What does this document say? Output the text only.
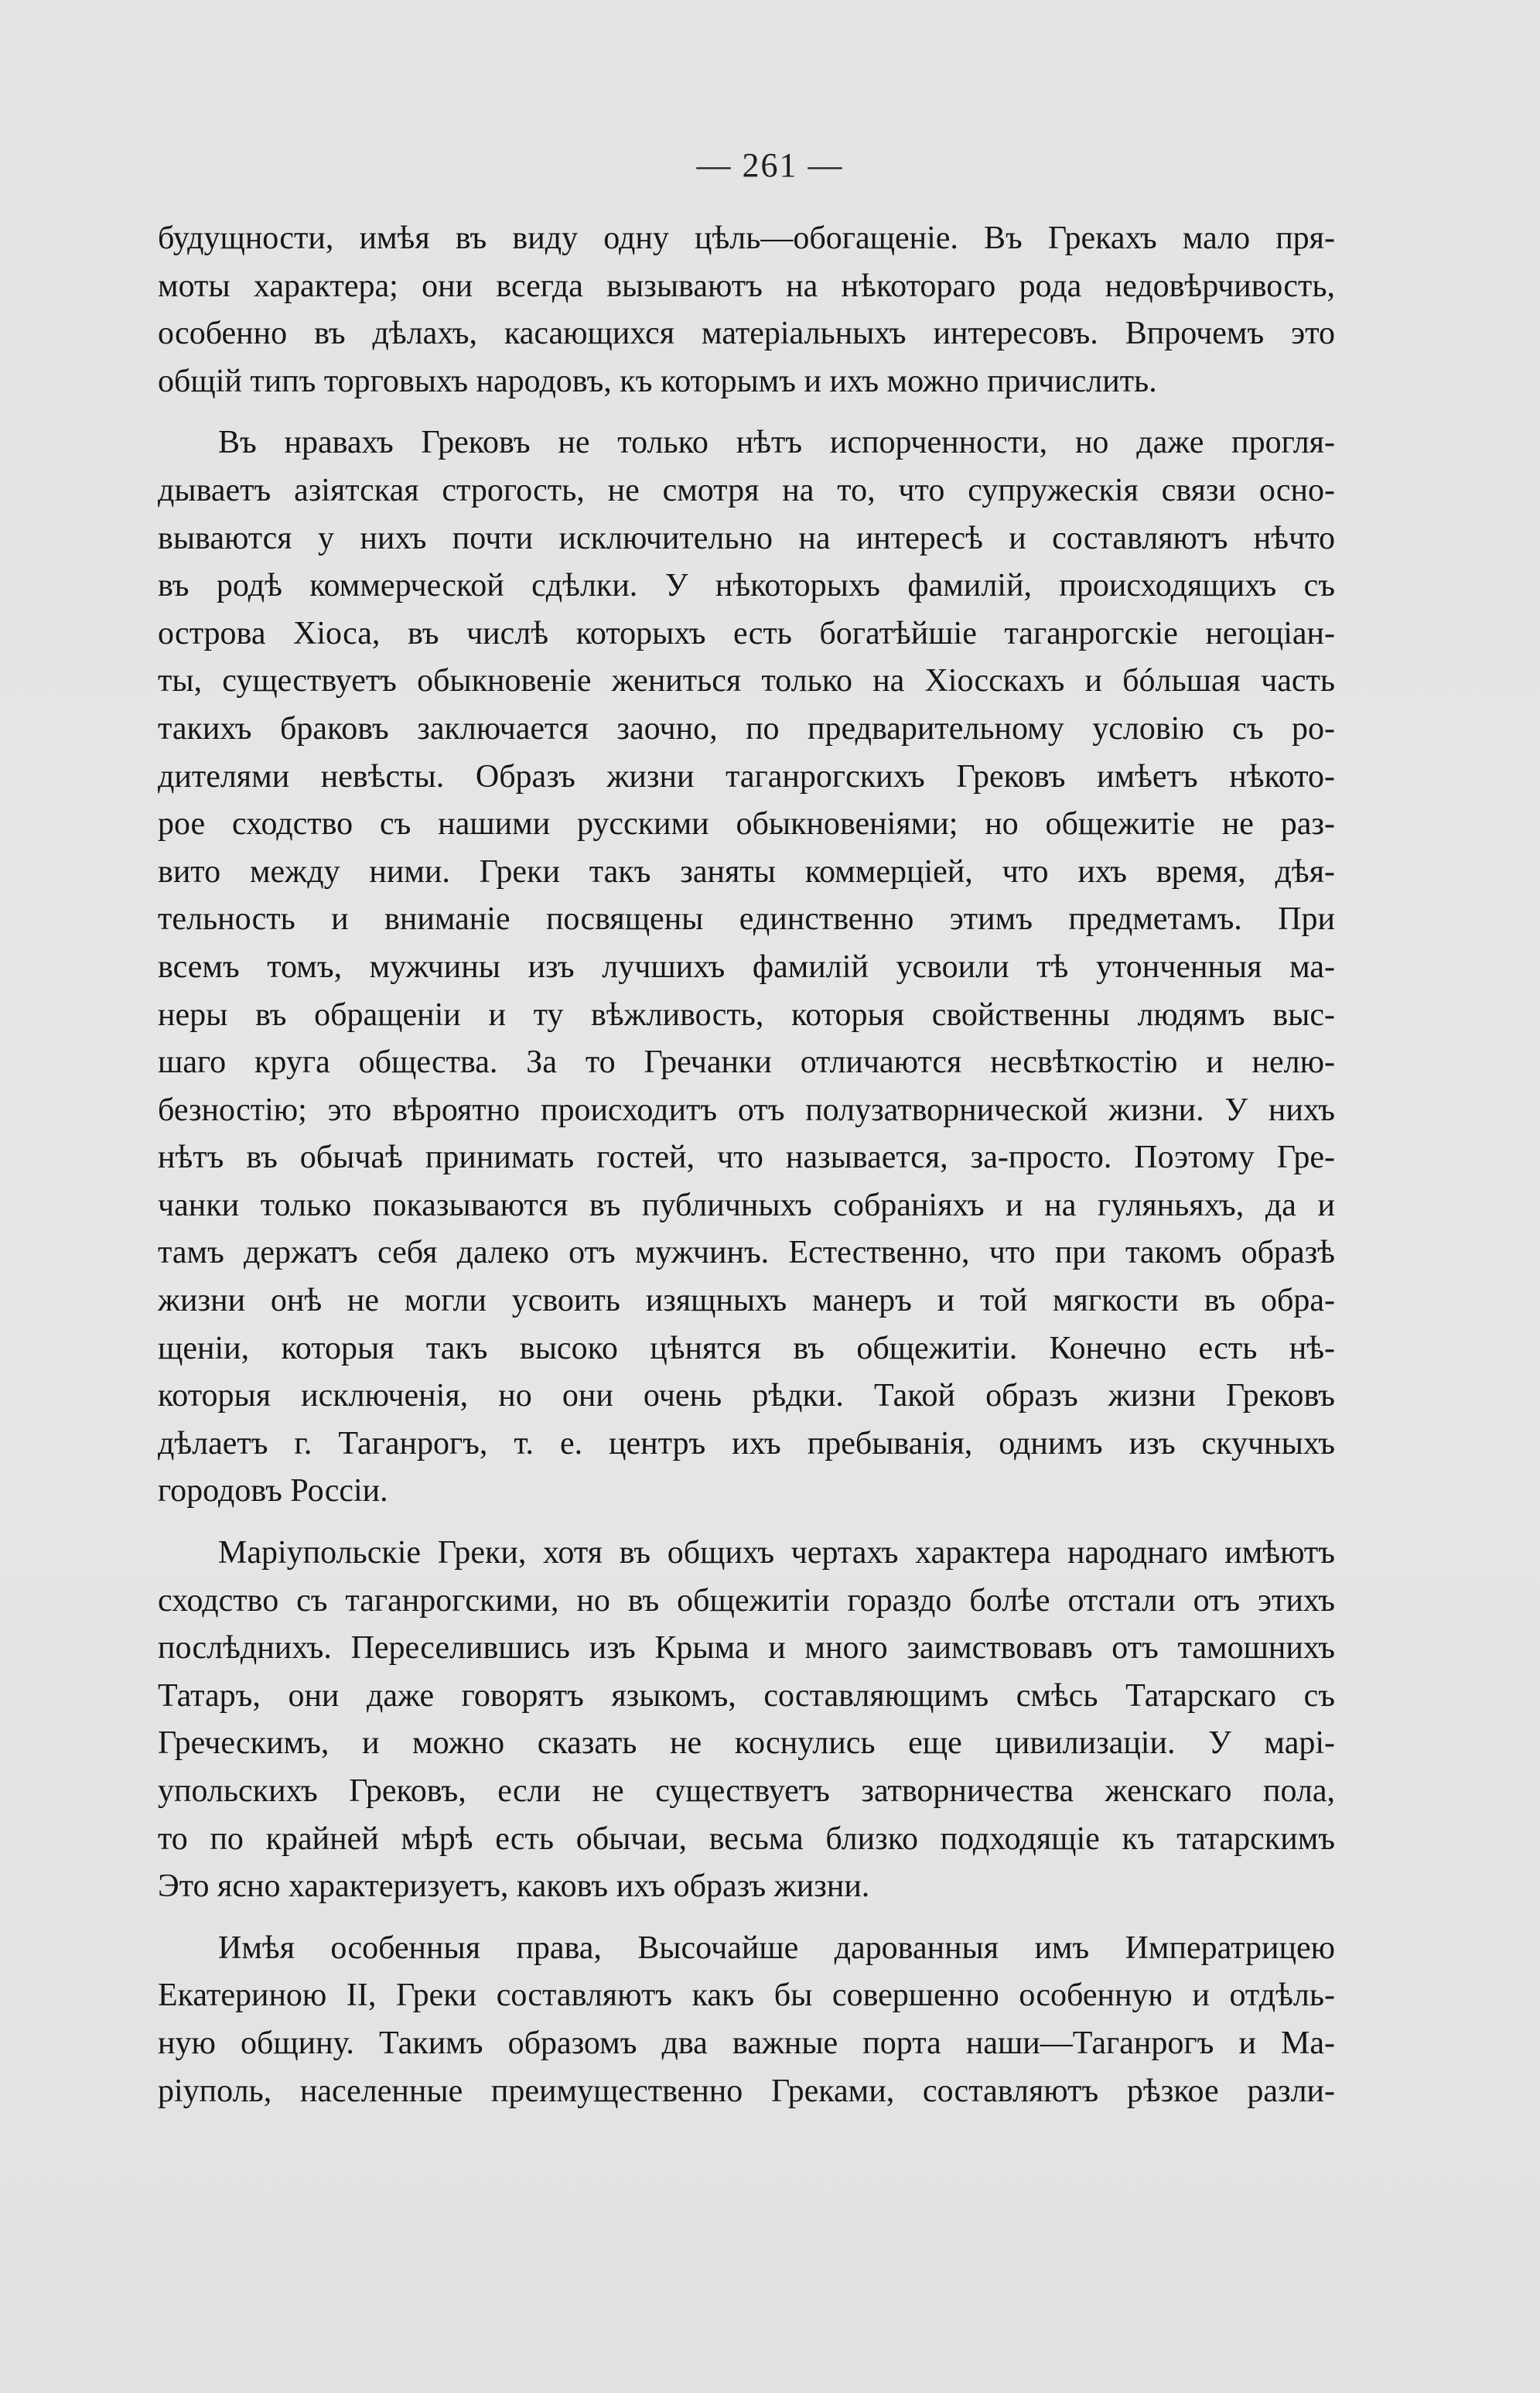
— 261 —
будущности, имѣя въ виду одну цѣль—обогащеніе. Въ Грекахъ мало пря-
моты характера; они всегда вызываютъ на нѣкотораго рода недовѣрчивость,
особенно въ дѣлахъ, касающихся матеріальныхъ интересовъ. Впрочемъ это
общій типъ торговыхъ народовъ, къ которымъ и ихъ можно причислить.
Въ нравахъ Грековъ не только нѣтъ испорченности, но даже прогля-
дываетъ азіятская строгость, не смотря на то, что супружескія связи осно-
вываются у нихъ почти исключительно на интересѣ и составляютъ нѣчто
въ родѣ коммерческой сдѣлки. У нѣкоторыхъ фамилій, происходящихъ съ
острова Хіоса, въ числѣ которыхъ есть богатѣйшіе таганрогскіе негоціан-
ты, существуетъ обыкновеніе жениться только на Хіосскахъ и бóльшая часть
такихъ браковъ заключается заочно, по предварительному условію съ ро-
дителями невѣсты. Образъ жизни таганрогскихъ Грековъ имѣетъ нѣкото-
рое сходство съ нашими русскими обыкновеніями; но общежитіе не раз-
вито между ними. Греки такъ заняты коммерціей, что ихъ время, дѣя-
тельность и вниманіе посвящены единственно этимъ предметамъ. При
всемъ томъ, мужчины изъ лучшихъ фамилій усвоили тѣ утонченныя ма-
неры въ обращеніи и ту вѣжливость, которыя свойственны людямъ выс-
шаго круга общества. За то Гречанки отличаются несвѣткостію и нелю-
безностію; это вѣроятно происходитъ отъ полузатворнической жизни. У нихъ
нѣтъ въ обычаѣ принимать гостей, что называется, за-просто. Поэтому Гре-
чанки только показываются въ публичныхъ собраніяхъ и на гуляньяхъ, да и
тамъ держатъ себя далеко отъ мужчинъ. Естественно, что при такомъ образѣ
жизни онѣ не могли усвоить изящныхъ манеръ и той мягкости въ обра-
щеніи, которыя такъ высоко цѣнятся въ общежитіи. Конечно есть нѣ-
которыя исключенія, но они очень рѣдки. Такой образъ жизни Грековъ
дѣлаетъ г. Таганрогъ, т. е. центръ ихъ пребыванія, однимъ изъ скучныхъ
городовъ Россіи.
Маріупольскіе Греки, хотя въ общихъ чертахъ характера народнаго имѣютъ
сходство съ таганрогскими, но въ общежитіи гораздо болѣе отстали отъ этихъ
послѣднихъ. Переселившись изъ Крыма и много заимствовавъ отъ тамошнихъ
Татаръ, они даже говорятъ языкомъ, составляющимъ смѣсь Татарскаго съ
Греческимъ, и можно сказать не коснулись еще цивилизаціи. У марі-
упольскихъ Грековъ, если не существуетъ затворничества женскаго пола,
то по крайней мѣрѣ есть обычаи, весьма близко подходящіе къ татарскимъ
Это ясно характеризуетъ, каковъ ихъ образъ жизни.
Имѣя особенныя права, Высочайше дарованныя имъ Императрицею
Екатериною II, Греки составляютъ какъ бы совершенно особенную и отдѣль-
ную общину. Такимъ образомъ два важные порта наши—Таганрогъ и Ма-
ріуполь, населенные преимущественно Греками, составляютъ рѣзкое разли-
